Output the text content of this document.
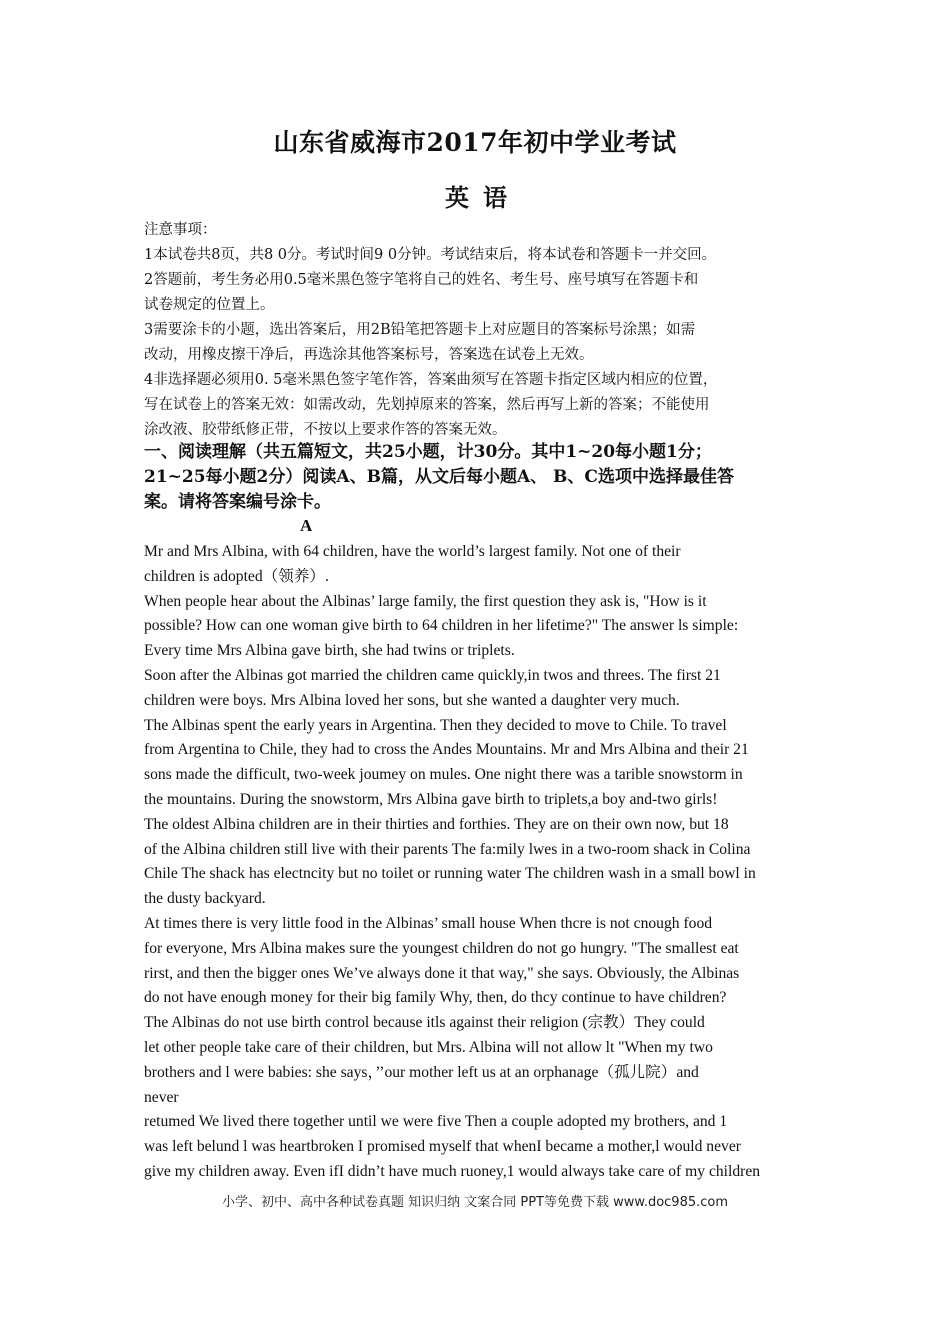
山东省威海市2017年初中学业考试
英语
注意事项：
1本试卷共8页，共8 0分。考试时间9 0分钟。考试结束后，将本试卷和答题卡一并交回。
2答题前，考生务必用0.5毫米黑色签字笔将自己的姓名、考生号、座号填写在答题卡和
试卷规定的位置上。
3需要涂卡的小题，选出答案后，用2B铅笔把答题卡上对应题目的答案标号涂黑；如需
改动，用橡皮擦干净后，再选涂其他答案标号，答案选在试卷上无效。
4非选择题必须用0. 5毫米黑色签字笔作答，答案曲须写在答题卡指定区域内相应的位置，
写在试卷上的答案无效：如需改动，先划掉原来的答案，然后再写上新的答案；不能使用
涂改液、胶带纸修正带，不按以上要求作答的答案无效。
一、阅读理解（共五篇短文，共25小题，计30分。其中1~20每小题1分；
21~25每小题2分）阅读A、B篇，从文后每小题A、 B、C选项中选择最佳答
案。请将答案编号涂卡。
A
Mr and Mrs Albina, with 64 children, have the world’s largest family. Not one of their
children is adopted（领养）.
When people hear about the Albinas’ large family, the first question they ask is, "How is it
possible? How can one woman give birth to 64 children in her lifetime?" The answer ls simple:
Every time Mrs Albina gave birth, she had twins or triplets.
Soon after the Albinas got married the children came quickly,in twos and threes. The first 21
children were boys. Mrs Albina loved her sons, but she wanted a daughter very much.
The Albinas spent the early years in Argentina. Then they decided to move to Chile. To travel
from Argentina to Chile, they had to cross the Andes Mountains. Mr and Mrs Albina and their 21
sons made the difficult, two-week joumey on mules. One night there was a tarible snowstorm in
the mountains. During the snowstorm, Mrs Albina gave birth to triplets,a boy and-two girls!
The oldest Albina children are in their thirties and forthies. They are on their own now, but 18
of the Albina children still live with their parents The fa:mily lwes in a two-room shack in Colina
Chile The shack has electncity but no toilet or running water The children wash in a small bowl in
the dusty backyard.
At times there is very little food in the Albinas’ small house When thcre is not cnough food
for everyone, Mrs Albina makes sure the youngest children do not go hungry. "The smallest eat
rirst, and then the bigger ones We’ve always done it that way," she says. Obviously, the Albinas
do not have enough money for their big family Why, then, do thcy continue to have children?
The Albinas do not use birth control because itls against their religion (宗教）They could
let other people take care of their children, but Mrs. Albina will not allow lt "When my two
brothers and l were babies: she says，’’our mother left us at an orphanage（孤儿院）and
never
retumed We lived there together until we were five Then a couple adopted my brothers, and 1
was left belund l was heartbroken I promised myself that whenI became a mother,l would never
give my children away. Even ifI didn’t have much ruoney,1 would always take care of my children
小学、初中、高中各种试卷真题 知识归纳 文案合同 PPT等免费下载 www.doc985.com
